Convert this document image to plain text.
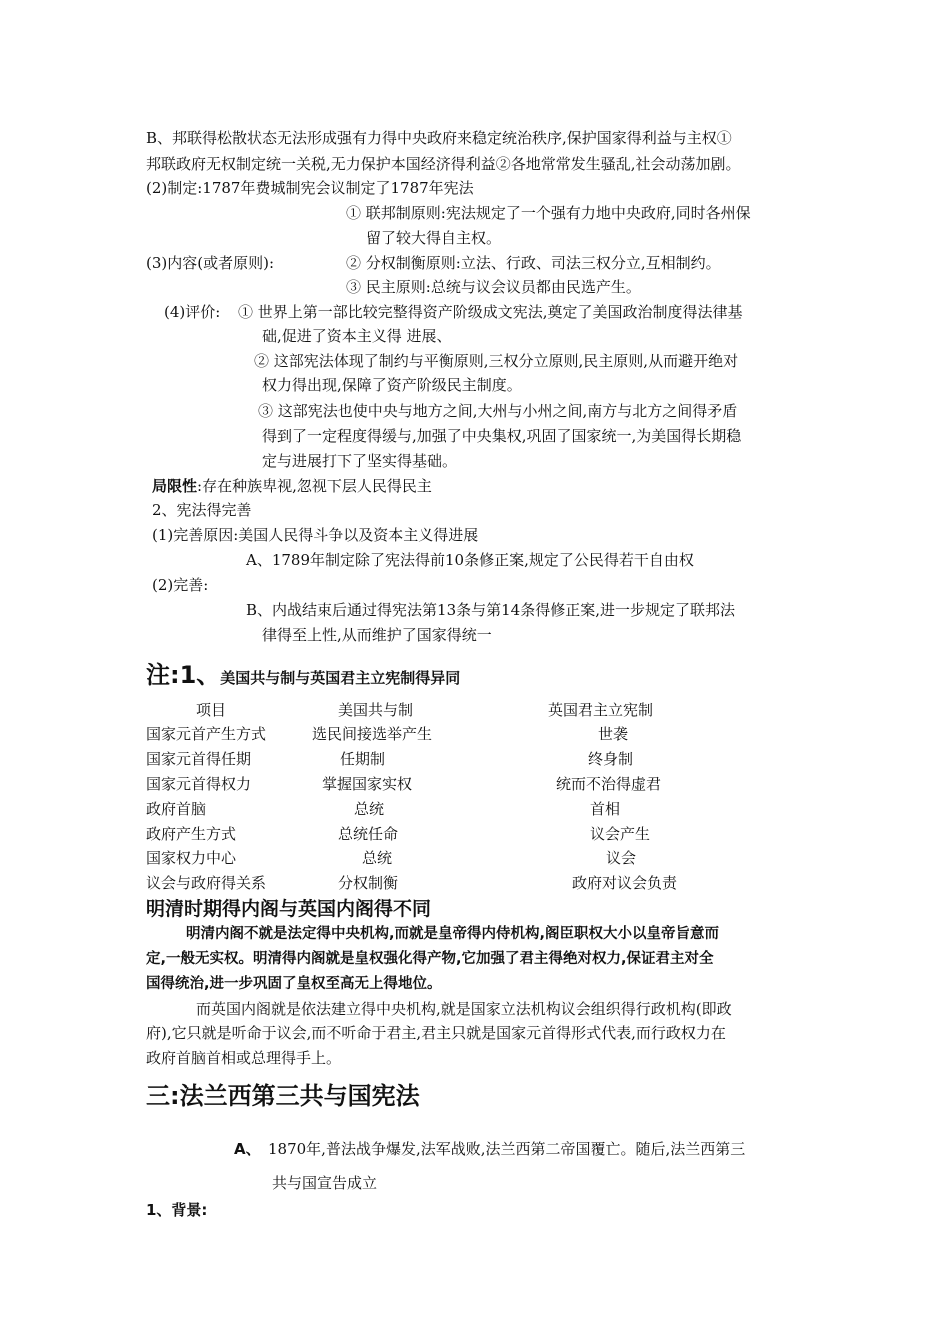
B、邦联得松散状态无法形成强有力得中央政府来稳定统治秩序,保护国家得利益与主权①
邦联政府无权制定统一关税,无力保护本国经济得利益②各地常常发生骚乱,社会动荡加剧。
(2)制定:1787年费城制宪会议制定了1787年宪法
① 联邦制原则:宪法规定了一个强有力地中央政府,同时各州保
留了较大得自主权。
(3)内容(或者原则):	② 分权制衡原则:立法、行政、司法三权分立,互相制约。
③ 民主原则:总统与议会议员都由民选产生。
(4)评价: ① 世界上第一部比较完整得资产阶级成文宪法,奠定了美国政治制度得法律基
础,促进了资本主义得 进展、
② 这部宪法体现了制约与平衡原则,三权分立原则,民主原则,从而避开绝对
权力得出现,保障了资产阶级民主制度。
③ 这部宪法也使中央与地方之间,大州与小州之间,南方与北方之间得矛盾
得到了一定程度得缓与,加强了中央集权,巩固了国家统一,为美国得长期稳
定与进展打下了坚实得基础。
局限性:存在种族卑视,忽视下层人民得民主
2、宪法得完善
(1)完善原因:美国人民得斗争以及资本主义得进展
A、1789年制定除了宪法得前10条修正案,规定了公民得若干自由权
(2)完善:
B、内战结束后通过得宪法第13条与第14条得修正案,进一步规定了联邦法
律得至上性,从而维护了国家得统一
注:1、美国共与制与英国君主立宪制得异同
项目	美国共与制	英国君主立宪制
国家元首产生方式	选民间接选举产生	世袭
国家元首得任期	任期制	终身制
国家元首得权力	掌握国家实权	统而不治得虚君
政府首脑	总统	首相
政府产生方式	总统任命	议会产生
国家权力中心	总统	议会
议会与政府得关系	分权制衡	政府对议会负责
明清时期得内阁与英国内阁得不同
明清内阁不就是法定得中央机构,而就是皇帝得内侍机构,阁臣职权大小以皇帝旨意而
定,一般无实权。明清得内阁就是皇权强化得产物,它加强了君主得绝对权力,保证君主对全
国得统治,进一步巩固了皇权至高无上得地位。
而英国内阁就是依法建立得中央机构,就是国家立法机构议会组织得行政机构(即政
府),它只就是听命于议会,而不听命于君主,君主只就是国家元首得形式代表,而行政权力在
政府首脑首相或总理得手上。
三:法兰西第三共与国宪法
A、 1870年,普法战争爆发,法军战败,法兰西第二帝国覆亡。随后,法兰西第三
共与国宣告成立
1、背景:
